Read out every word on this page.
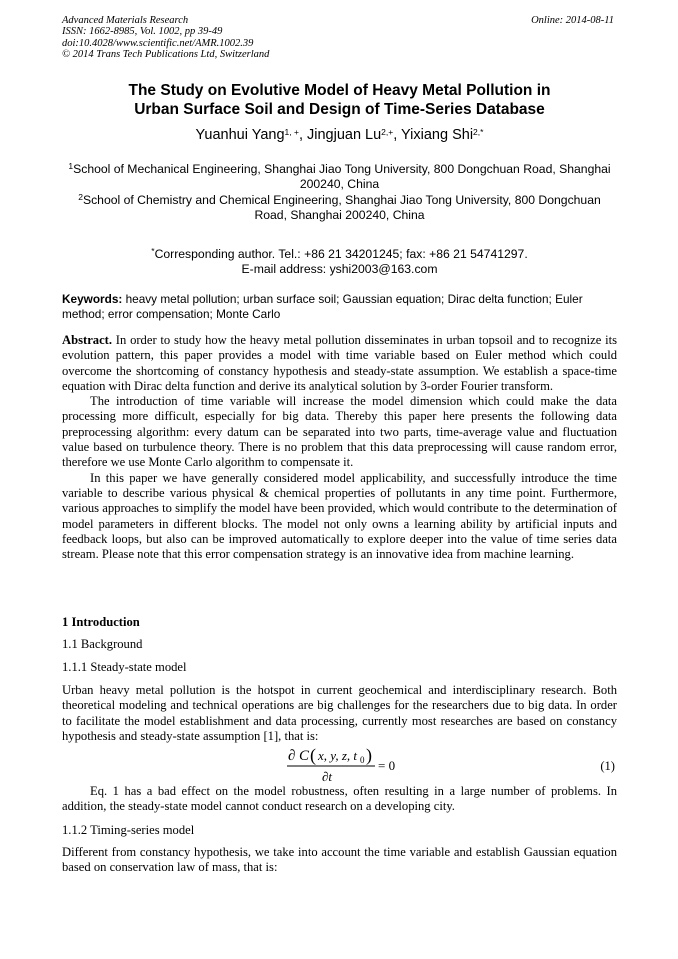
Advanced Materials Research
ISSN: 1662-8985, Vol. 1002, pp 39-49
doi:10.4028/www.scientific.net/AMR.1002.39
© 2014 Trans Tech Publications Ltd, Switzerland
Online: 2014-08-11
The Study on Evolutive Model of Heavy Metal Pollution in
Urban Surface Soil and Design of Time-Series Database
Yuanhui Yang$^{1, +}$, Jingjuan $Lu^{2,+}$, Yixiang Shi$^{2,*}$
$^1$School of Mechanical Engineering, Shanghai Jiao Tong University, 800 Dongchuan Road, Shanghai 200240, China
$^2$School of Chemistry and Chemical Engineering, Shanghai Jiao Tong University, 800 Dongchuan Road, Shanghai 200240, China
*Corresponding author. Tel.: +86 21 34201245; fax: +86 21 54741297.
E-mail address: yshi2003@163.com
Keywords: heavy metal pollution; urban surface soil; Gaussian equation; Dirac delta function; Euler method; error compensation; Monte Carlo

Abstract. In order to study how the heavy metal pollution disseminates in urban topsoil and to recognize its evolution pattern, this paper provides a model with time variable based on Euler method which could overcome the shortcoming of constancy hypothesis and steady-state assumption. We establish a space-time equation with Dirac delta function and derive its analytical solution by 3-order Fourier transform.

The introduction of time variable will increase the model dimension which could make the data processing more difficult, especially for big data. Thereby this paper here presents the following data preprocessing algorithm: every datum can be separated into two parts, time-average value and fluctuation value based on turbulence theory. There is no problem that this data preprocessing will cause random error, therefore we use Monte Carlo algorithm to compensate it.

In this paper we have generally considered model applicability, and successfully introduce the time variable to describe various physical & chemical properties of pollutants in any time point. Furthermore, various approaches to simplify the model have been provided, which would contribute to the determination of model parameters in different blocks. The model not only owns a learning ability by artificial inputs and feedback loops, but also can be improved automatically to explore deeper into the value of time series data stream. Please note that this error compensation strategy is an innovative idea from machine learning.

1 Introduction
1.1 Background
1.1.1 Steady-state model

Urban heavy metal pollution is the hotspot in current geochemical and interdisciplinary research. Both theoretical modeling and technical operations are big challenges for the researchers due to big data. In order to facilitate the model establishment and data processing, currently most researches are based on constancy hypothesis and steady-state assumption [1], that is:

∂ C ( x, y, z, t 0 )
∂t
= 0	(1)

Eq. 1 has a bad effect on the model robustness, often resulting in a large number of problems. In addition, the steady-state model cannot conduct research on a developing city.

1.1.2 Timing-series model

Different from constancy hypothesis, we take into account the time variable and establish Gaussian equation based on conservation law of mass, that is:
